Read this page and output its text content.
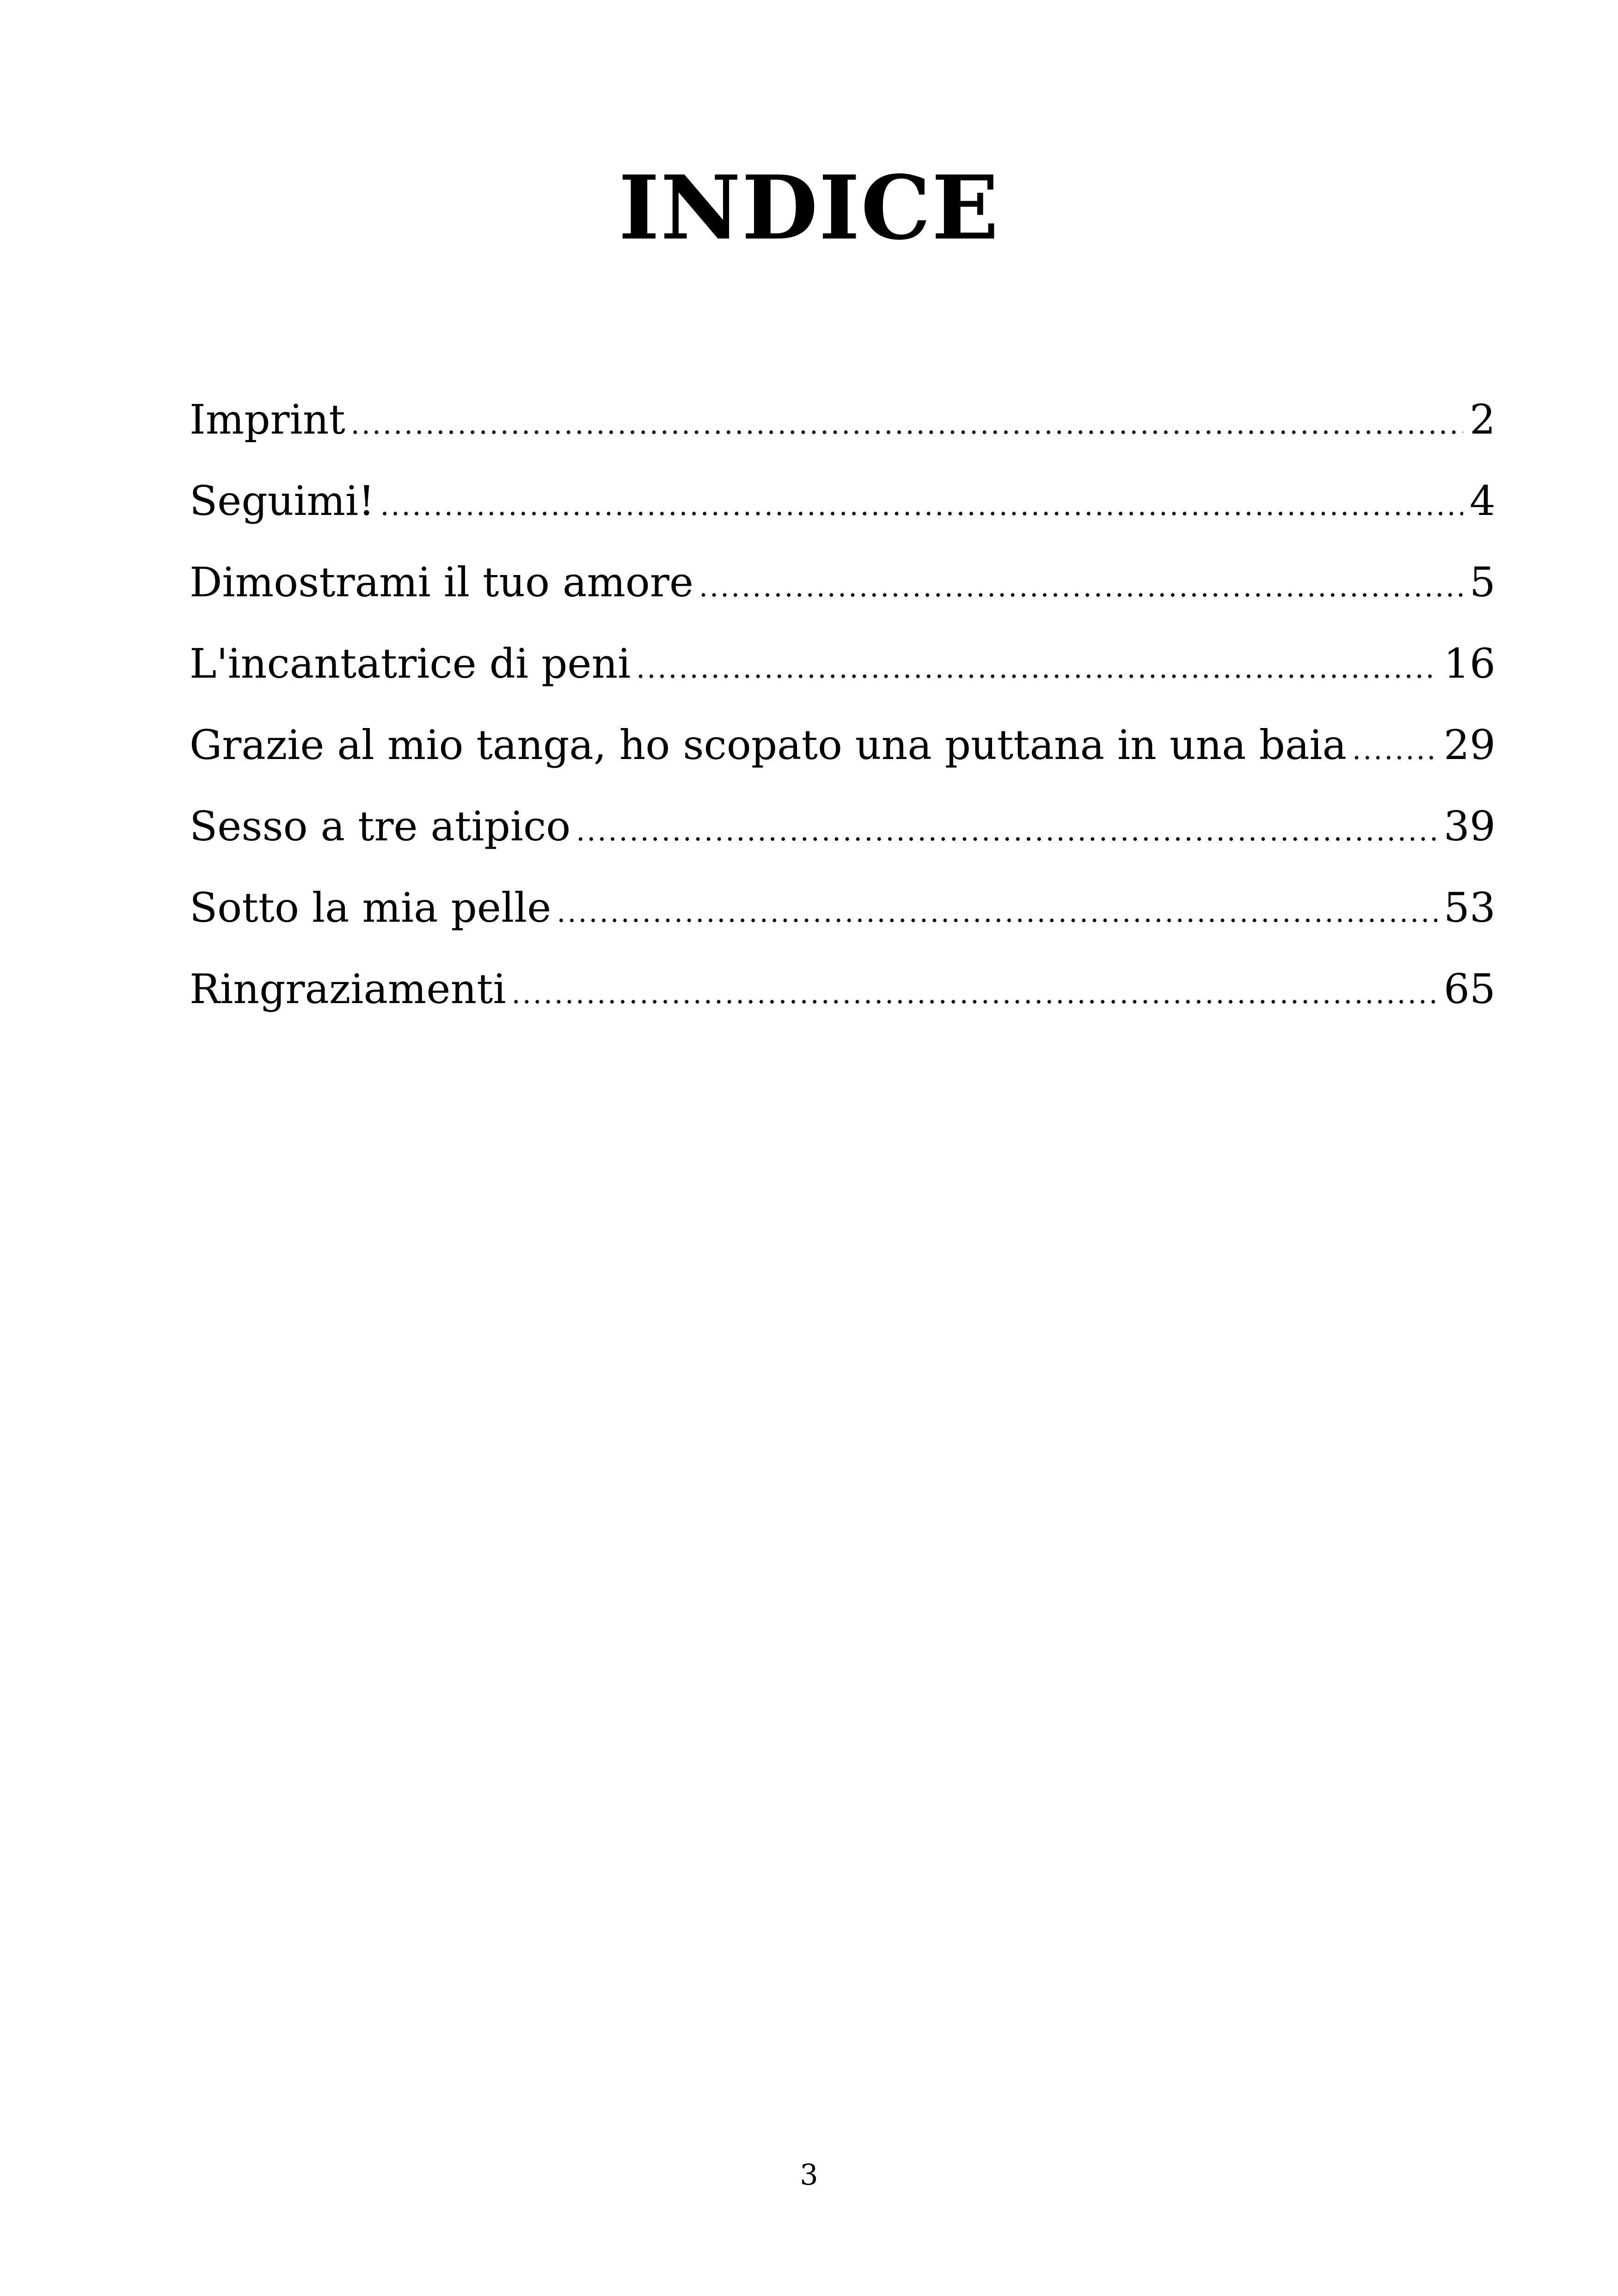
INDICE
Imprint .....	2
Seguimi! .....	4
Dimostrami il tuo amore .....	5
L'incantatrice di peni .....	16
Grazie al mio tanga, ho scopato una puttana in una baia ..... 29
Sesso a tre atipico .....	39
Sotto la mia pelle .....	53
Ringraziamenti .....	65
3
